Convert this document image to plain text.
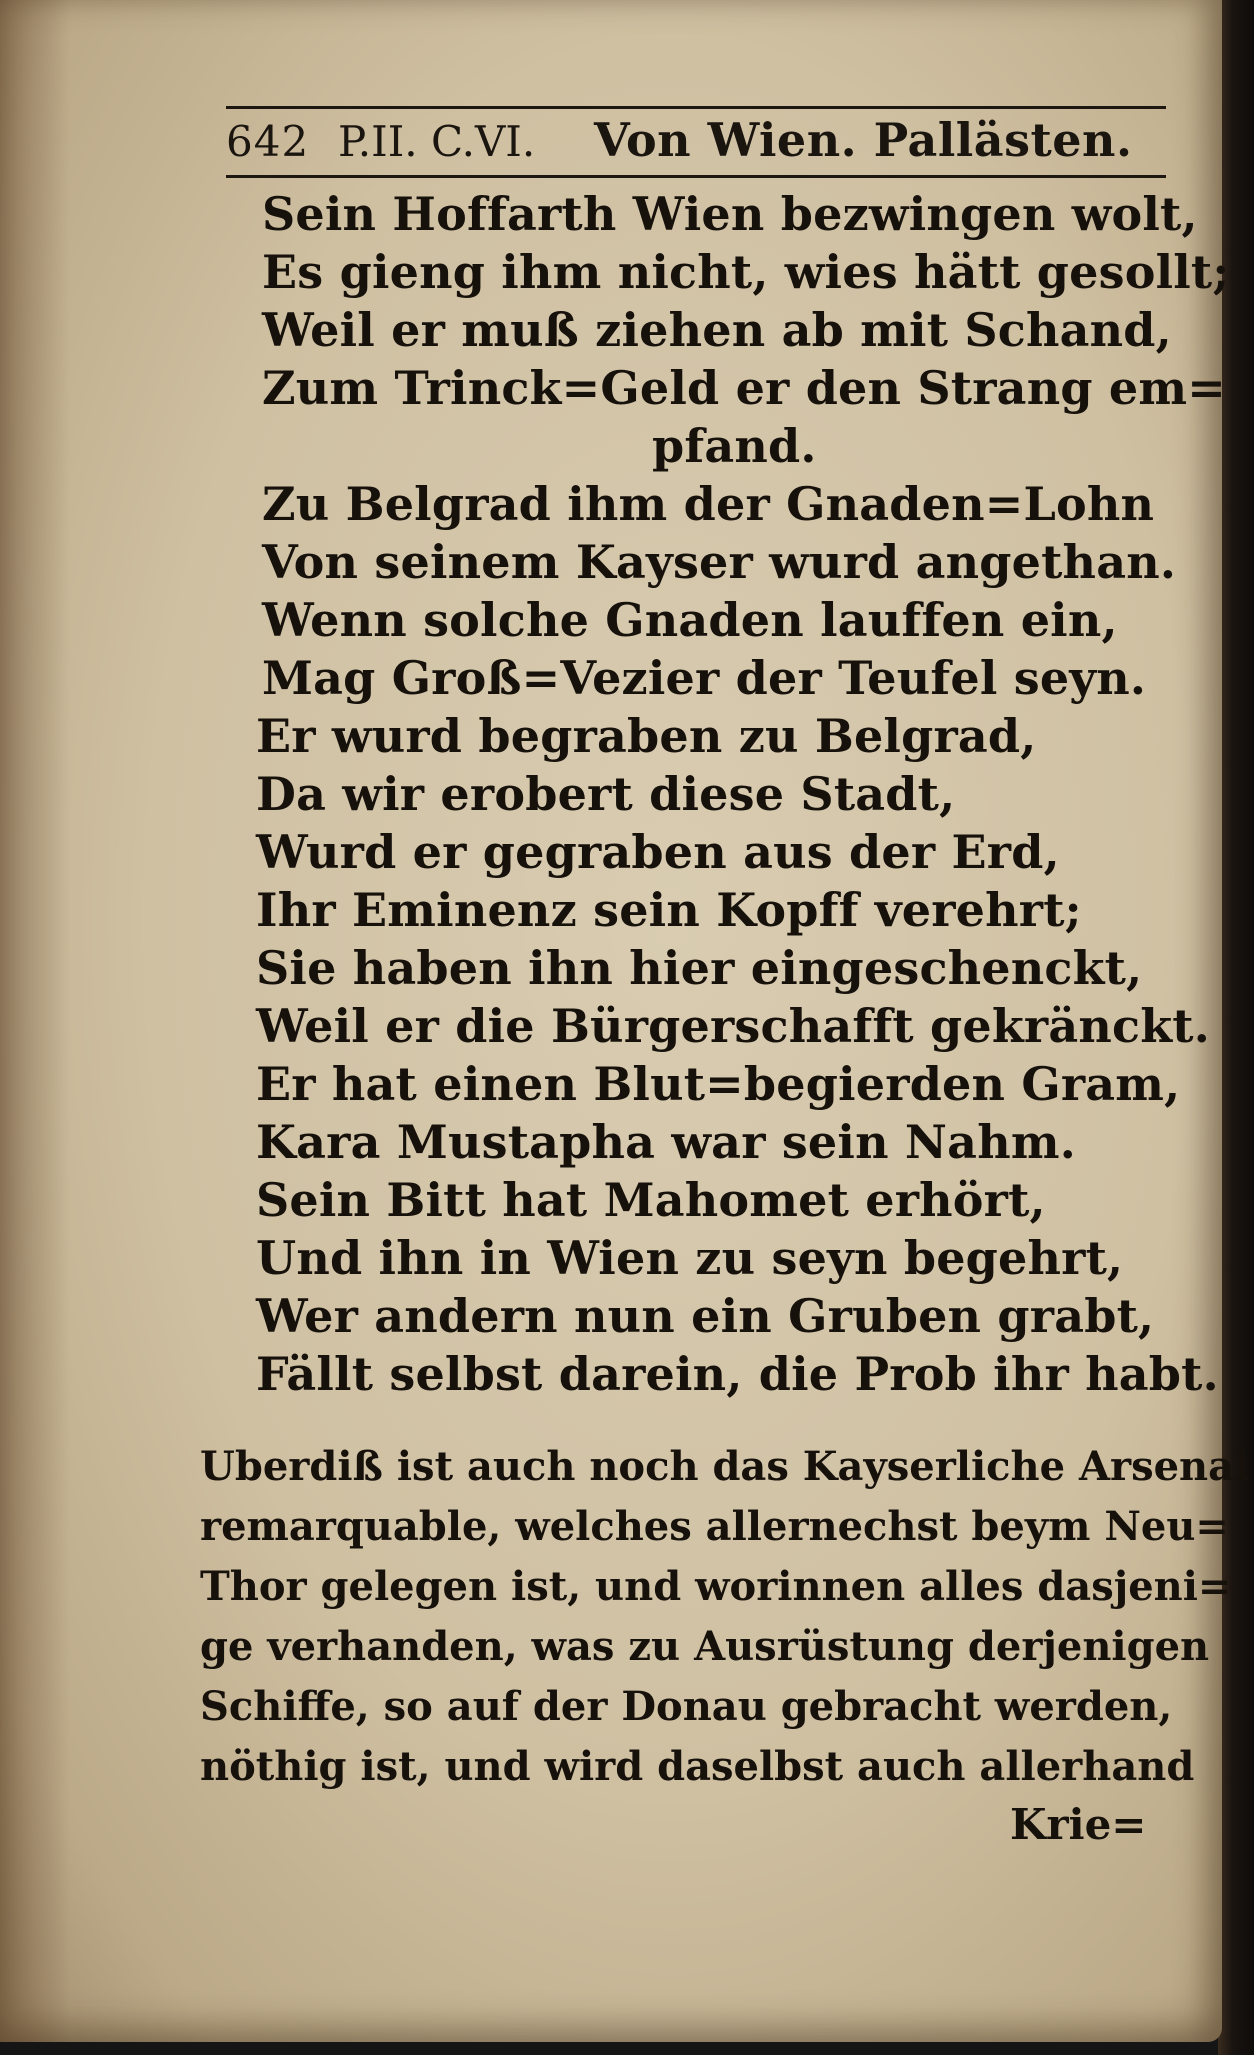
642 P.II. C.VI. Von Wien. Pallästen.
Sein Hoffarth Wien bezwingen wolt,
Es gieng ihm nicht, wies hätt gesollt;
Weil er muß ziehen ab mit Schand,
Zum Trinck=Geld er den Strang em=
pfand.
Zu Belgrad ihm der Gnaden=Lohn
Von seinem Kayser wurd angethan.
Wenn solche Gnaden lauffen ein,
Mag Groß=Vezier der Teufel seyn.
Er wurd begraben zu Belgrad,
Da wir erobert diese Stadt,
Wurd er gegraben aus der Erd,
Ihr Eminenz sein Kopff verehrt;
Sie haben ihn hier eingeschenckt,
Weil er die Bürgerschafft gekränckt.
Er hat einen Blut=begierden Gram,
Kara Mustapha war sein Nahm.
Sein Bitt hat Mahomet erhört,
Und ihn in Wien zu seyn begehrt,
Wer andern nun ein Gruben grabt,
Fällt selbst darein, die Prob ihr habt.
Uberdiß ist auch noch das Kayserliche Arsenal
remarquable, welches allernechst beym Neu=
Thor gelegen ist, und worinnen alles dasjeni=
ge verhanden, was zu Ausrüstung derjenigen
Schiffe, so auf der Donau gebracht werden,
nöthig ist, und wird daselbst auch allerhand
Krie=
